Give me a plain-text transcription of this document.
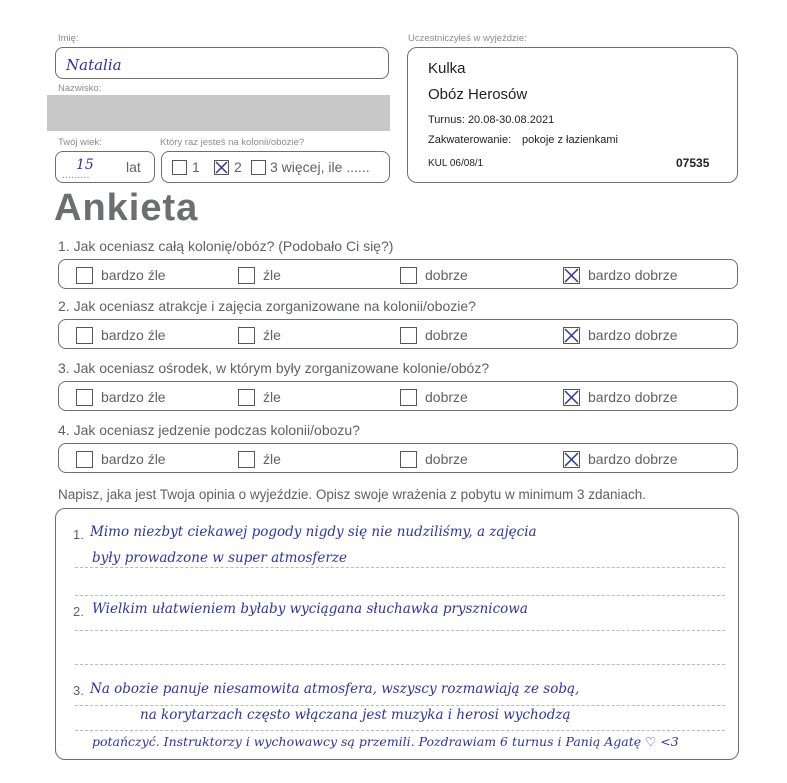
Imię:
Natalia
Nazwisko:
Twój wiek:
.........
15 lat
Który raz jesteś na kolonii/obozie?
1 2 3 więcej, ile ......
Uczestniczyłeś w wyjeździe:
Kulka
Obóz Herosów
Turnus: 20.08-30.08.2021
Zakwaterowanie: pokoje z łazienkami
KUL 06/08/1	07535
Ankieta
1. Jak oceniasz całą kolonię/obóz? (Podobało Ci się?)
bardzo źle	źle	dobrze	bardzo dobrze
2. Jak oceniasz atrakcje i zajęcia zorganizowane na kolonii/obozie?
bardzo źle	źle	dobrze	bardzo dobrze
3. Jak oceniasz ośrodek, w którym były zorganizowane kolonie/obóz?
bardzo źle	źle	dobrze	bardzo dobrze
4. Jak oceniasz jedzenie podczas kolonii/obozu?
bardzo źle	źle	dobrze	bardzo dobrze
Napisz, jaka jest Twoja opinia o wyjeździe. Opisz swoje wrażenia z pobytu w minimum 3 zdaniach.
1. Mimo niezbyt ciekawej pogody nigdy się nie nudziliśmy, a zajęcia
były prowadzone w super atmosferze
2. Wielkim ułatwieniem byłaby wyciągana słuchawka prysznicowa
3. Na obozie panuje niesamowita atmosfera, wszyscy rozmawiają ze sobą,
na korytarzach często włączana jest muzyka i herosi wychodzą
potańczyć. Instruktorzy i wychowawcy są przemili. Pozdrawiam 6 turnus i Panią Agatę ♡ <3
